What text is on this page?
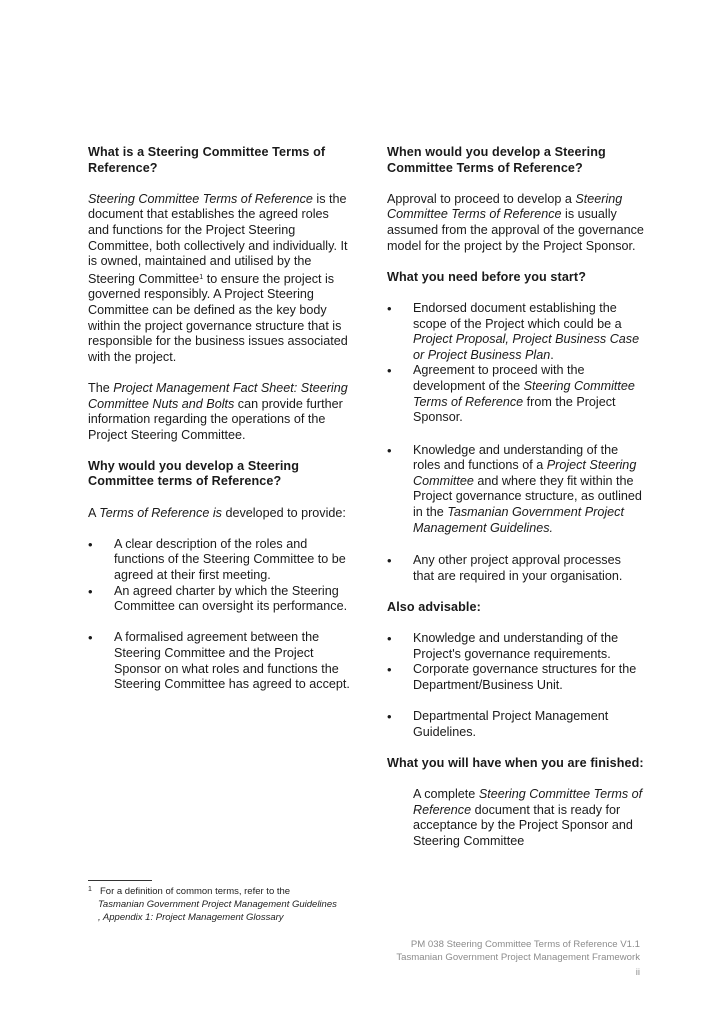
What is a Steering Committee Terms of Reference?

Steering Committee Terms of Reference is the document that establishes the agreed roles and functions for the Project Steering Committee, both collectively and individually. It is owned, maintained and utilised by the Steering Committee$^1$ to ensure the project is governed responsibly. A Project Steering Committee can be defined as the key body within the project governance structure that is responsible for the business issues associated with the project.

The Project Management Fact Sheet: Steering Committee Nuts and Bolts can provide further information regarding the operations of the Project Steering Committee.

Why would you develop a Steering Committee terms of Reference?

A Terms of Reference is developed to provide:

• A clear description of the roles and functions of the Steering Committee to be agreed at their first meeting.
• An agreed charter by which the Steering Committee can oversight its performance.
• A formalised agreement between the Steering Committee and the Project Sponsor on what roles and functions the Steering Committee has agreed to accept.
When would you develop a Steering Committee Terms of Reference?

Approval to proceed to develop a Steering Committee Terms of Reference is usually assumed from the approval of the governance model for the project by the Project Sponsor.

What you need before you start?
• Endorsed document establishing the scope of the Project which could be a Project Proposal, Project Business Case or Project Business Plan.
• Agreement to proceed with the development of the Steering Committee Terms of Reference from the Project Sponsor.
• Knowledge and understanding of the roles and functions of a Project Steering Committee and where they fit within the Project governance structure, as outlined in the Tasmanian Government Project Management Guidelines.
• Any other project approval processes that are required in your organisation.
Also advisable:
• Knowledge and understanding of the Project's governance requirements.
• Corporate governance structures for the Department/Business Unit.
• Departmental Project Management Guidelines.
What you will have when you are finished:

A complete Steering Committee Terms of Reference document that is ready for acceptance by the Project Sponsor and Steering Committee

1 For a definition of common terms, refer to the
Tasmanian Government Project Management Guidelines , Appendix 1: Project Management Glossary
PM 038 Steering Committee Terms of Reference V1.1
Tasmanian Government Project Management Framework
ii
